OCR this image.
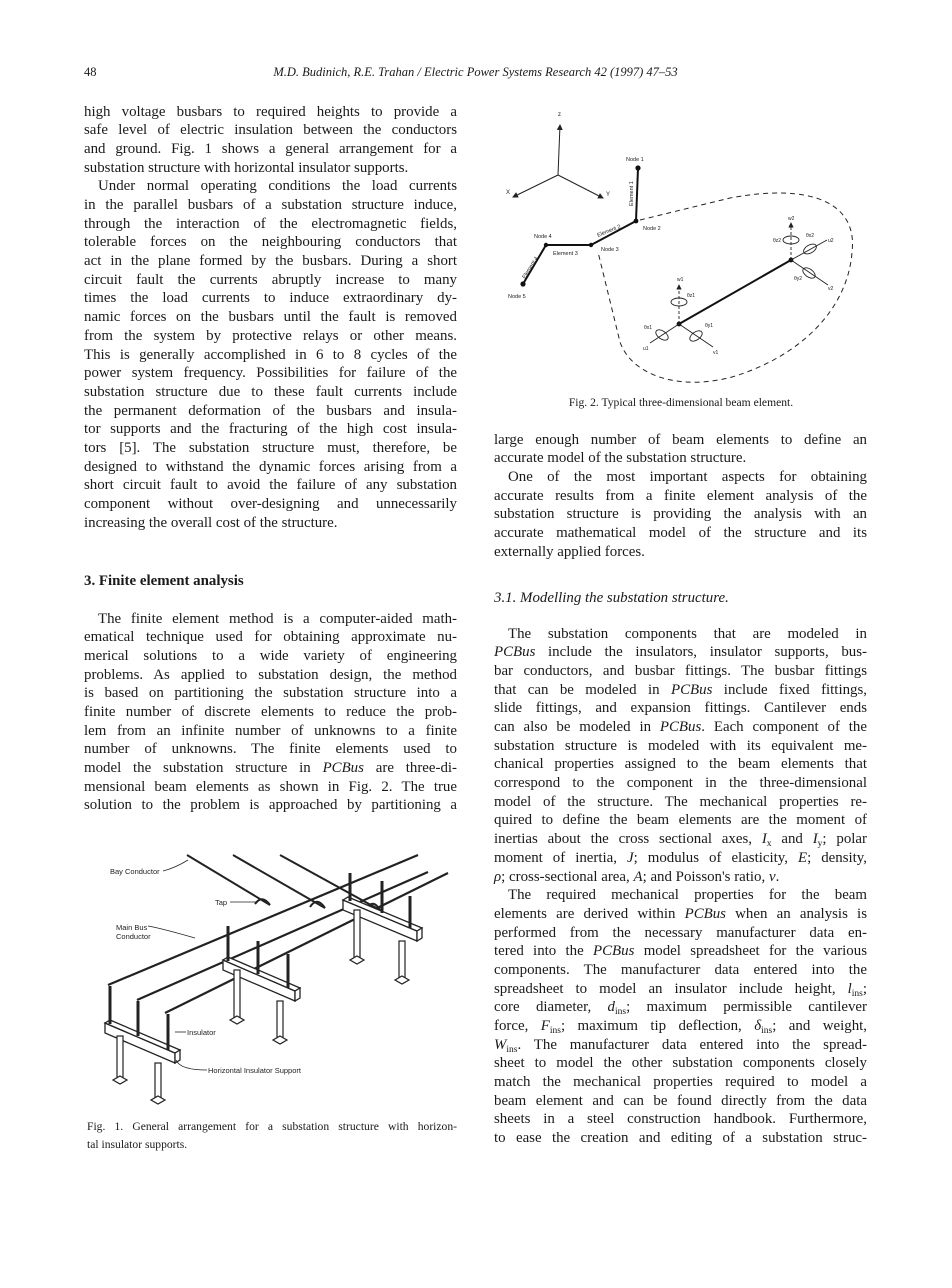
48	M.D. Budinich, R.E. Trahan / Electric Power Systems Research 42 (1997) 47–53
high voltage busbars to required heights to provide a
safe level of electric insulation between the conductors
and ground. Fig. 1 shows a general arrangement for a
substation structure with horizontal insulator supports.
Under normal operating conditions the load currents
in the parallel busbars of a substation structure induce,
through the interaction of the electromagnetic fields,
tolerable forces on the neighbouring conductors that
act in the plane formed by the busbars. During a short
circuit fault the currents abruptly increase to many
times the load currents to induce extraordinary dy-
namic forces on the busbars until the fault is removed
from the system by protective relays or other means.
This is generally accomplished in 6 to 8 cycles of the
power system frequency. Possibilities for failure of the
substation structure due to these fault currents include
the permanent deformation of the busbars and insula-
tor supports and the fracturing of the high cost insula-
tors [5]. The substation structure must, therefore, be
designed to withstand the dynamic forces arising from a
short circuit fault to avoid the failure of any substation
component without over-designing and unnecessarily
increasing the overall cost of the structure.
3. Finite element analysis
The finite element method is a computer-aided math-
ematical technique used for obtaining approximate nu-
merical solutions to a wide variety of engineering
problems. As applied to substation design, the method
is based on partitioning the substation structure into a
finite number of discrete elements to reduce the prob-
lem from an infinite number of unknowns to a finite
number of unknowns. The finite elements used to
model the substation structure in PCBus are three-di-
mensional beam elements as shown in Fig. 2. The true
solution to the problem is approached by partitioning a
Bay Conductor
Tap
Main Bus
Conductor
Insulator
Horizontal Insulator Support
Fig. 1. General arrangement for a substation structure with horizon-
tal insulator supports.
z
X	Y
Node 1
Node 2
Node 3
Node 4
Node 5
Element 1
Element 2
Element 3
Element 4	w1
u1
v1
θz1
θx1	θy1
w2
u2
v2
θz2
θx2
θy2
Fig. 2. Typical three-dimensional beam element.
large enough number of beam elements to define an
accurate model of the substation structure.
One of the most important aspects for obtaining
accurate results from a finite element analysis of the
substation structure is providing the analysis with an
accurate mathematical model of the structure and its
externally applied forces.
3.1. Modelling the substation structure.
The substation components that are modeled in
PCBus include the insulators, insulator supports, bus-
bar conductors, and busbar fittings. The busbar fittings
that can be modeled in PCBus include fixed fittings,
slide fittings, and expansion fittings. Cantilever ends
can also be modeled in PCBus. Each component of the
substation structure is modeled with its equivalent me-
chanical properties assigned to the beam elements that
correspond to the component in the three-dimensional
model of the structure. The mechanical properties re-
quired to define the beam elements are the moment of
inertias about the cross sectional axes, $I_x$ and $I_y$; polar
moment of inertia, J; modulus of elasticity, E; density,
ρ; cross-sectional area, A; and Poisson's ratio, ν.
The required mechanical properties for the beam
elements are derived within PCBus when an analysis is
performed from the necessary manufacturer data en-
tered into the PCBus model spreadsheet for the various
components. The manufacturer data entered into the
spreadsheet to model an insulator include height, $l_{ins}$;
core diameter, $d_{ins}$; maximum permissible cantilever
force, $F_{ins}$; maximum tip deflection, $\delta_{ins}$; and weight,
$W_{ins}$. The manufacturer data entered into the spread-
sheet to model the other substation components closely
match the mechanical properties required to model a
beam element and can be found directly from the data
sheets in a steel construction handbook. Furthermore,
to ease the creation and editing of a substation struc-
